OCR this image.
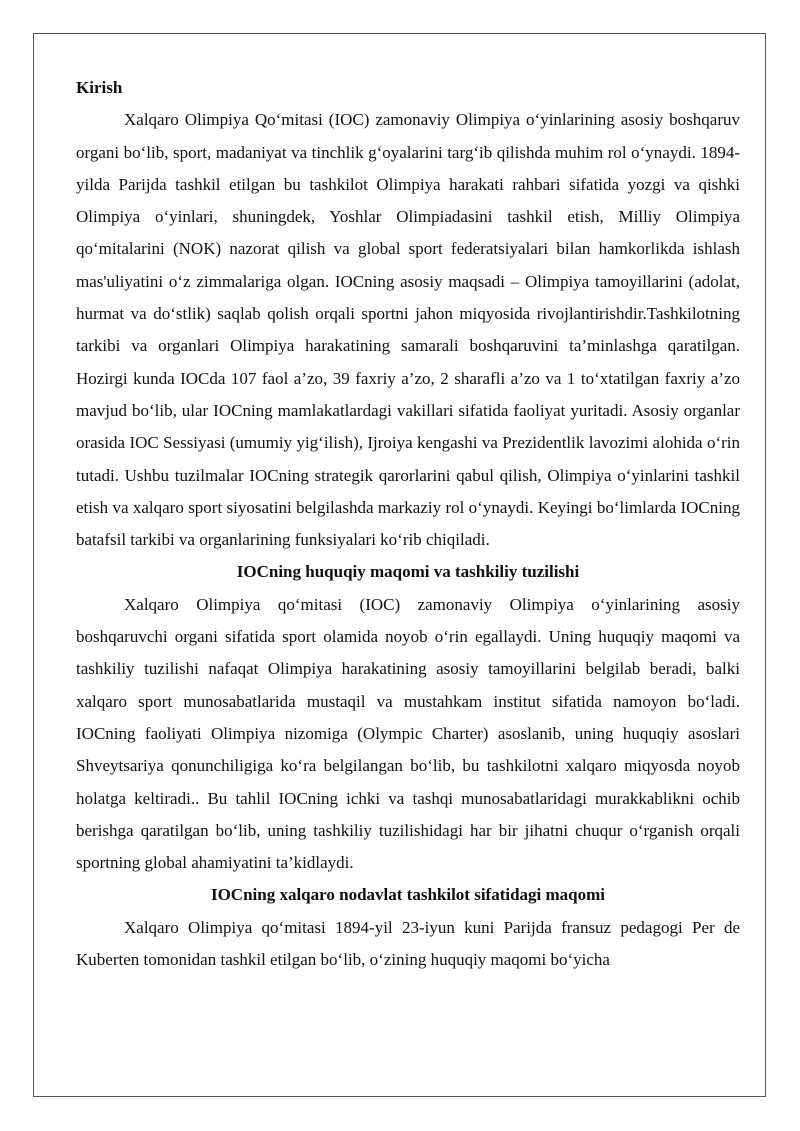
Kirish

Xalqaro Olimpiya Qo‘mitasi (IOC) zamonaviy Olimpiya o‘yinlarining asosiy boshqaruv organi bo‘lib, sport, madaniyat va tinchlik g‘oyalarini targ‘ib qilishda muhim rol o‘ynaydi. 1894-yilda Parijda tashkil etilgan bu tashkilot Olimpiya harakati rahbari sifatida yozgi va qishki Olimpiya o‘yinlari, shuningdek, Yoshlar Olimpiadasini tashkil etish, Milliy Olimpiya qo‘mitalarini (NOK) nazorat qilish va global sport federatsiyalari bilan hamkorlikda ishlash mas'uliyatini o‘z zimmalariga olgan. IOCning asosiy maqsadi – Olimpiya tamoyillarini (adolat, hurmat va do‘stlik) saqlab qolish orqali sportni jahon miqyosida rivojlantirishdir.Tashkilotning tarkibi va organlari Olimpiya harakatining samarali boshqaruvini ta’minlashga qaratilgan. Hozirgi kunda IOCda 107 faol a’zo, 39 faxriy a’zo, 2 sharafli a’zo va 1 to‘xtatilgan faxriy a’zo mavjud bo‘lib, ular IOCning mamlakatlardagi vakillari sifatida faoliyat yuritadi. Asosiy organlar orasida IOC Sessiyasi (umumiy yig‘ilish), Ijroiya kengashi va Prezidentlik lavozimi alohida o‘rin tutadi. Ushbu tuzilmalar IOCning strategik qarorlarini qabul qilish, Olimpiya o‘yinlarini tashkil etish va xalqaro sport siyosatini belgilashda markaziy rol o‘ynaydi. Keyingi bo‘limlarda IOCning batafsil tarkibi va organlarining funksiyalari ko‘rib chiqiladi.

IOCning huquqiy maqomi va tashkiliy tuzilishi

Xalqaro Olimpiya qo‘mitasi (IOC) zamonaviy Olimpiya o‘yinlarining asosiy boshqaruvchi organi sifatida sport olamida noyob o‘rin egallaydi. Uning huquqiy maqomi va tashkiliy tuzilishi nafaqat Olimpiya harakatining asosiy tamoyillarini belgilab beradi, balki xalqaro sport munosabatlarida mustaqil va mustahkam institut sifatida namoyon bo‘ladi. IOCning faoliyati Olimpiya nizomiga (Olympic Charter) asoslanib, uning huquqiy asoslari Shveytsariya qonunchiligiga ko‘ra belgilangan bo‘lib, bu tashkilotni xalqaro miqyosda noyob holatga keltiradi.. Bu tahlil IOCning ichki va tashqi munosabatlaridagi murakkablikni ochib berishga qaratilgan bo‘lib, uning tashkiliy tuzilishidagi har bir jihatni chuqur o‘rganish orqali sportning global ahamiyatini ta’kidlaydi.

IOCning xalqaro nodavlat tashkilot sifatidagi maqomi

Xalqaro Olimpiya qo‘mitasi 1894-yil 23-iyun kuni Parijda fransuz pedagogi Per de Kuberten tomonidan tashkil etilgan bo‘lib, o‘zining huquqiy maqomi bo‘yicha
